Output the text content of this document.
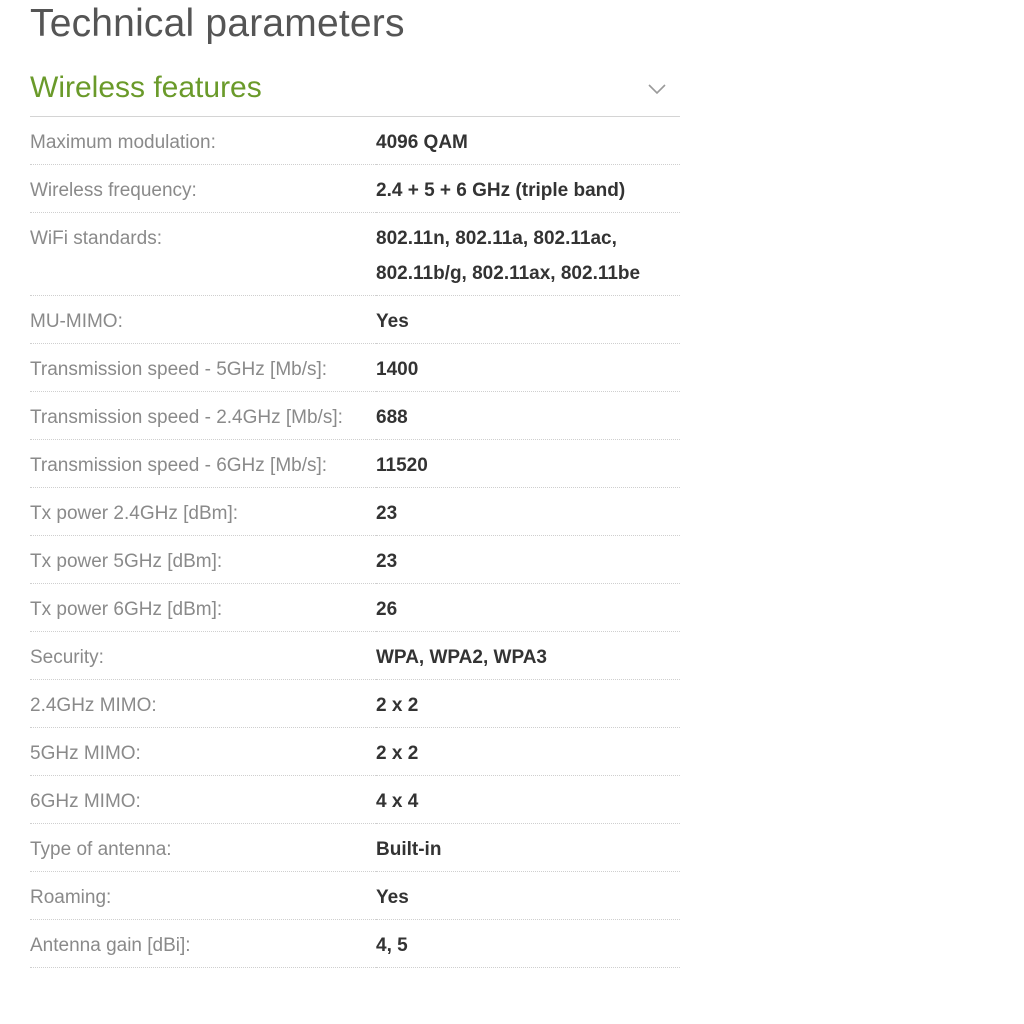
Technical parameters
Wireless features
Maximum modulation:	4096 QAM
Wireless frequency:	2.4 + 5 + 6 GHz (triple band)
WiFi standards:	802.11n, 802.11a, 802.11ac, 802.11b/g, 802.11ax, 802.11be
MU-MIMO:	Yes
Transmission speed - 5GHz [Mb/s]:	1400
Transmission speed - 2.4GHz [Mb/s]:	688
Transmission speed - 6GHz [Mb/s]:	11520
Tx power 2.4GHz [dBm]:	23
Tx power 5GHz [dBm]:	23
Tx power 6GHz [dBm]:	26
Security:	WPA, WPA2, WPA3
2.4GHz MIMO:	2 x 2
5GHz MIMO:	2 x 2
6GHz MIMO:	4 x 4
Type of antenna:	Built-in
Roaming:	Yes
Antenna gain [dBi]:	4, 5
